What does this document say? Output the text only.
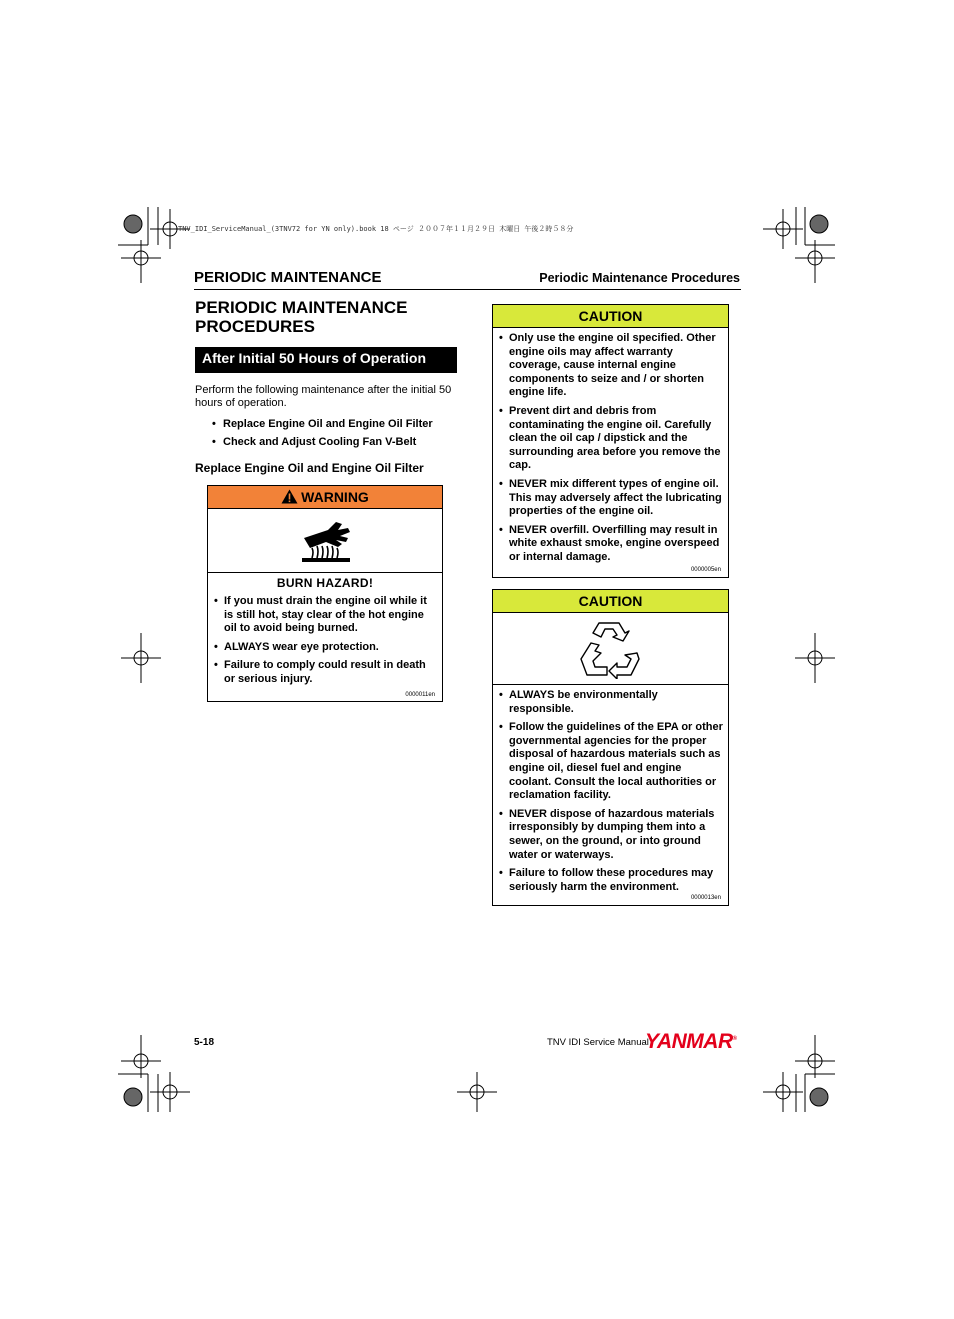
TNV_IDI_ServiceManual_(3TNV72 for YN only).book 18 ページ ２００７年１１月２９日 木曜日 午後２時５８分
PERIODIC MAINTENANCE	Periodic Maintenance Procedures
PERIODIC MAINTENANCE PROCEDURES
After Initial 50 Hours of Operation
Perform the following maintenance after the initial 50 hours of operation.
• Replace Engine Oil and Engine Oil Filter
• Check and Adjust Cooling Fan V-Belt
Replace Engine Oil and Engine Oil Filter
WARNING
BURN HAZARD!
• If you must drain the engine oil while it is still hot, stay clear of the hot engine oil to avoid being burned.
• ALWAYS wear eye protection.
• Failure to comply could result in death or serious injury.
0000011en
CAUTION
• Only use the engine oil specified. Other engine oils may affect warranty coverage, cause internal engine components to seize and / or shorten engine life.
• Prevent dirt and debris from contaminating the engine oil. Carefully clean the oil cap / dipstick and the surrounding area before you remove the cap.
• NEVER mix different types of engine oil. This may adversely affect the lubricating properties of the engine oil.
• NEVER overfill. Overfilling may result in white exhaust smoke, engine overspeed or internal damage.
0000005en
CAUTION
• ALWAYS be environmentally responsible.
• Follow the guidelines of the EPA or other governmental agencies for the proper disposal of hazardous materials such as engine oil, diesel fuel and engine coolant. Consult the local authorities or reclamation facility.
• NEVER dispose of hazardous materials irresponsibly by dumping them into a sewer, on the ground, or into ground water or waterways.
• Failure to follow these procedures may seriously harm the environment.
0000013en
5-18	TNV IDI Service Manual
YANMAR®
